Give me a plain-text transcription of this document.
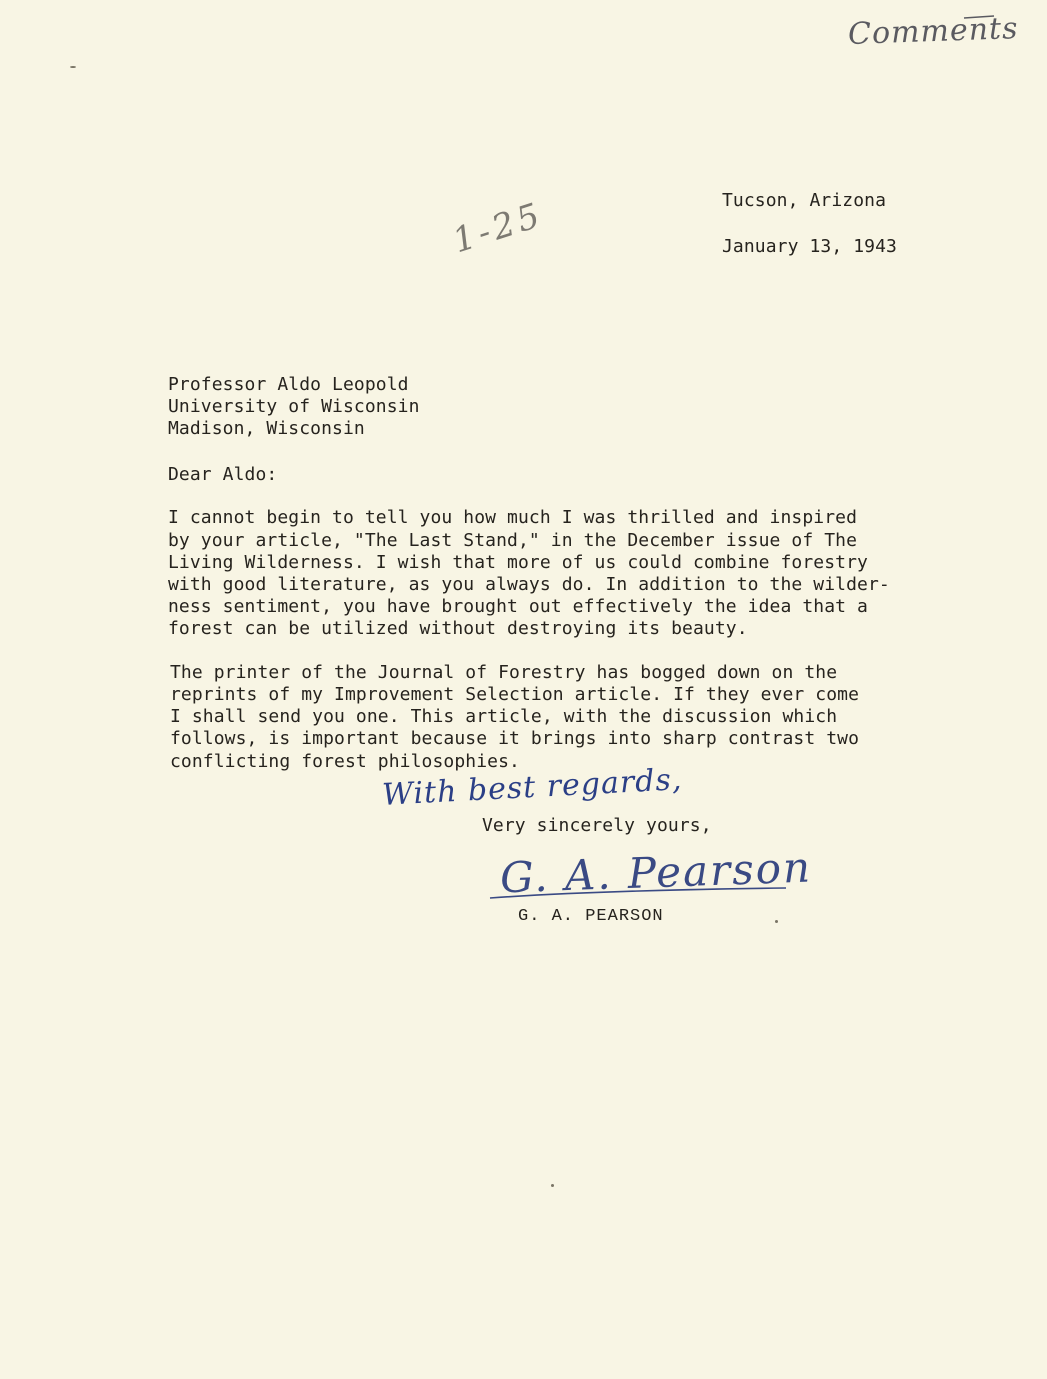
Comments
1-25	Tucson, Arizona
January 13, 1943
Professor Aldo Leopold
University of Wisconsin
Madison, Wisconsin
Dear Aldo:
I cannot begin to tell you how much I was thrilled and inspired
by your article, "The Last Stand," in the December issue of The
Living Wilderness. I wish that more of us could combine forestry
with good literature, as you always do. In addition to the wilder-
ness sentiment, you have brought out effectively the idea that a
forest can be utilized without destroying its beauty.
The printer of the Journal of Forestry has bogged down on the
reprints of my Improvement Selection article. If they ever come
I shall send you one. This article, with the discussion which
follows, is important because it brings into sharp contrast two
conflicting forest philosophies.
With best regards,
Very sincerely yours,
G. A. Pearson
G. A. PEARSON
